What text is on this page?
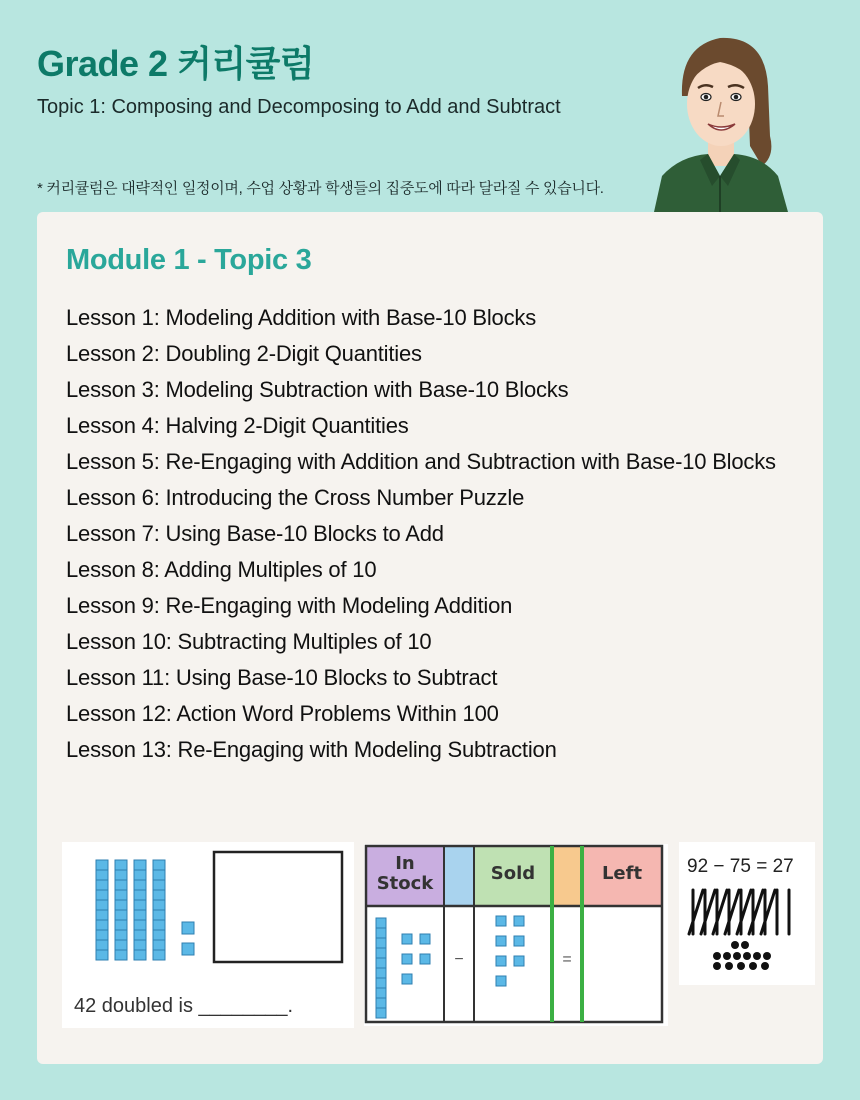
Grade 2 커리큘럼
Topic 1: Composing and Decomposing to Add and Subtract
* 커리큘럼은 대략적인 일정이며, 수업 상황과 학생들의 집중도에 따라 달라질 수 있습니다.
Module 1 - Topic 3
Lesson 1: Modeling Addition with Base-10 Blocks
Lesson 2: Doubling 2-Digit Quantities
Lesson 3: Modeling Subtraction with Base-10 Blocks
Lesson 4: Halving 2-Digit Quantities
Lesson 5: Re-Engaging with Addition and Subtraction with Base-10 Blocks
Lesson 6: Introducing the Cross Number Puzzle
Lesson 7: Using Base-10 Blocks to Add
Lesson 8: Adding Multiples of 10
Lesson 9: Re-Engaging with Modeling Addition
Lesson 10: Subtracting Multiples of 10
Lesson 11: Using Base-10 Blocks to Subtract
Lesson 12: Action Word Problems Within 100
Lesson 13: Re-Engaging with Modeling Subtraction
42 doubled is ________.
−	=
In Stock	Sold	Left	92 − 75 = 27
